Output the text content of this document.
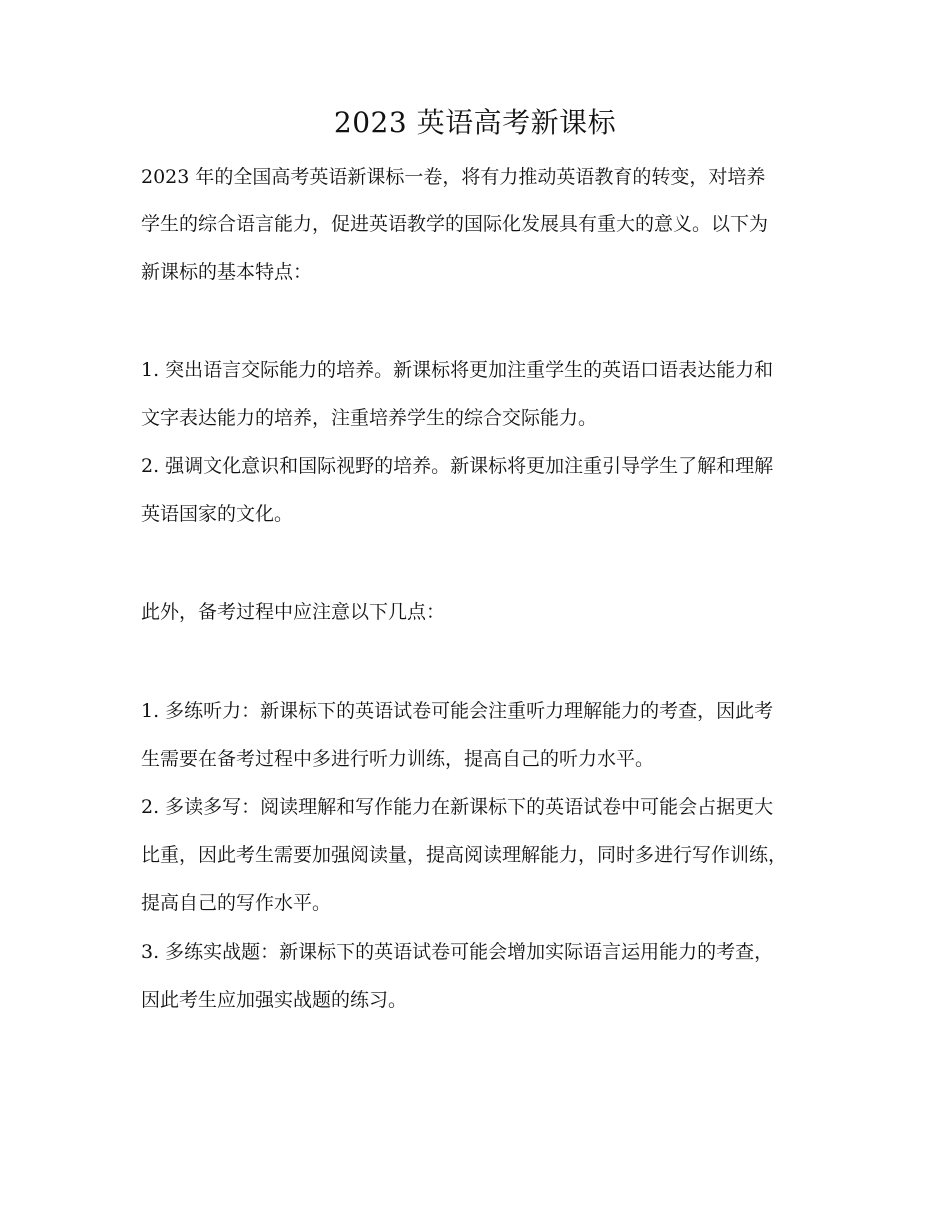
2023 英语高考新课标
2023 年的全国高考英语新课标一卷，将有力推动英语教育的转变，对培养
学生的综合语言能力，促进英语教学的国际化发展具有重大的意义。以下为
新课标的基本特点：
1. 突出语言交际能力的培养。新课标将更加注重学生的英语口语表达能力和
文字表达能力的培养，注重培养学生的综合交际能力。
2. 强调文化意识和国际视野的培养。新课标将更加注重引导学生了解和理解
英语国家的文化。
此外，备考过程中应注意以下几点：
1. 多练听力：新课标下的英语试卷可能会注重听力理解能力的考查，因此考
生需要在备考过程中多进行听力训练，提高自己的听力水平。
2. 多读多写：阅读理解和写作能力在新课标下的英语试卷中可能会占据更大
比重，因此考生需要加强阅读量，提高阅读理解能力，同时多进行写作训练，
提高自己的写作水平。
3. 多练实战题：新课标下的英语试卷可能会增加实际语言运用能力的考查，
因此考生应加强实战题的练习。
